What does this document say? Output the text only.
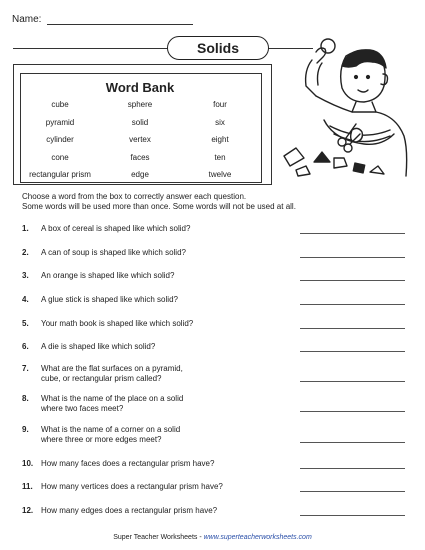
Name:
Solids
Word Bank
cube	sphere	four
pyramid	solid	six
cylinder	vertex	eight
cone	faces	ten
rectangular prism	edge	twelve
Choose a word from the box to correctly answer each question.
Some words will be used more than once. Some words will not be used at all.
1. A box of cereal is shaped like which solid?
2. A can of soup is shaped like which solid?
3. An orange is shaped like which solid?
4. A glue stick is shaped like which solid?
5. Your math book is shaped like which solid?
6. A die is shaped like which solid?
7. What are the flat surfaces on a pyramid,
cube, or rectangular prism called?
8. What is the name of the place on a solid
where two faces meet?
9. What is the name of a corner on a solid
where three or more edges meet?
10. How many faces does a rectangular prism have?
11. How many vertices does a rectangular prism have?
12. How many edges does a rectangular prism have?
Super Teacher Worksheets - www.superteacherworksheets.com
